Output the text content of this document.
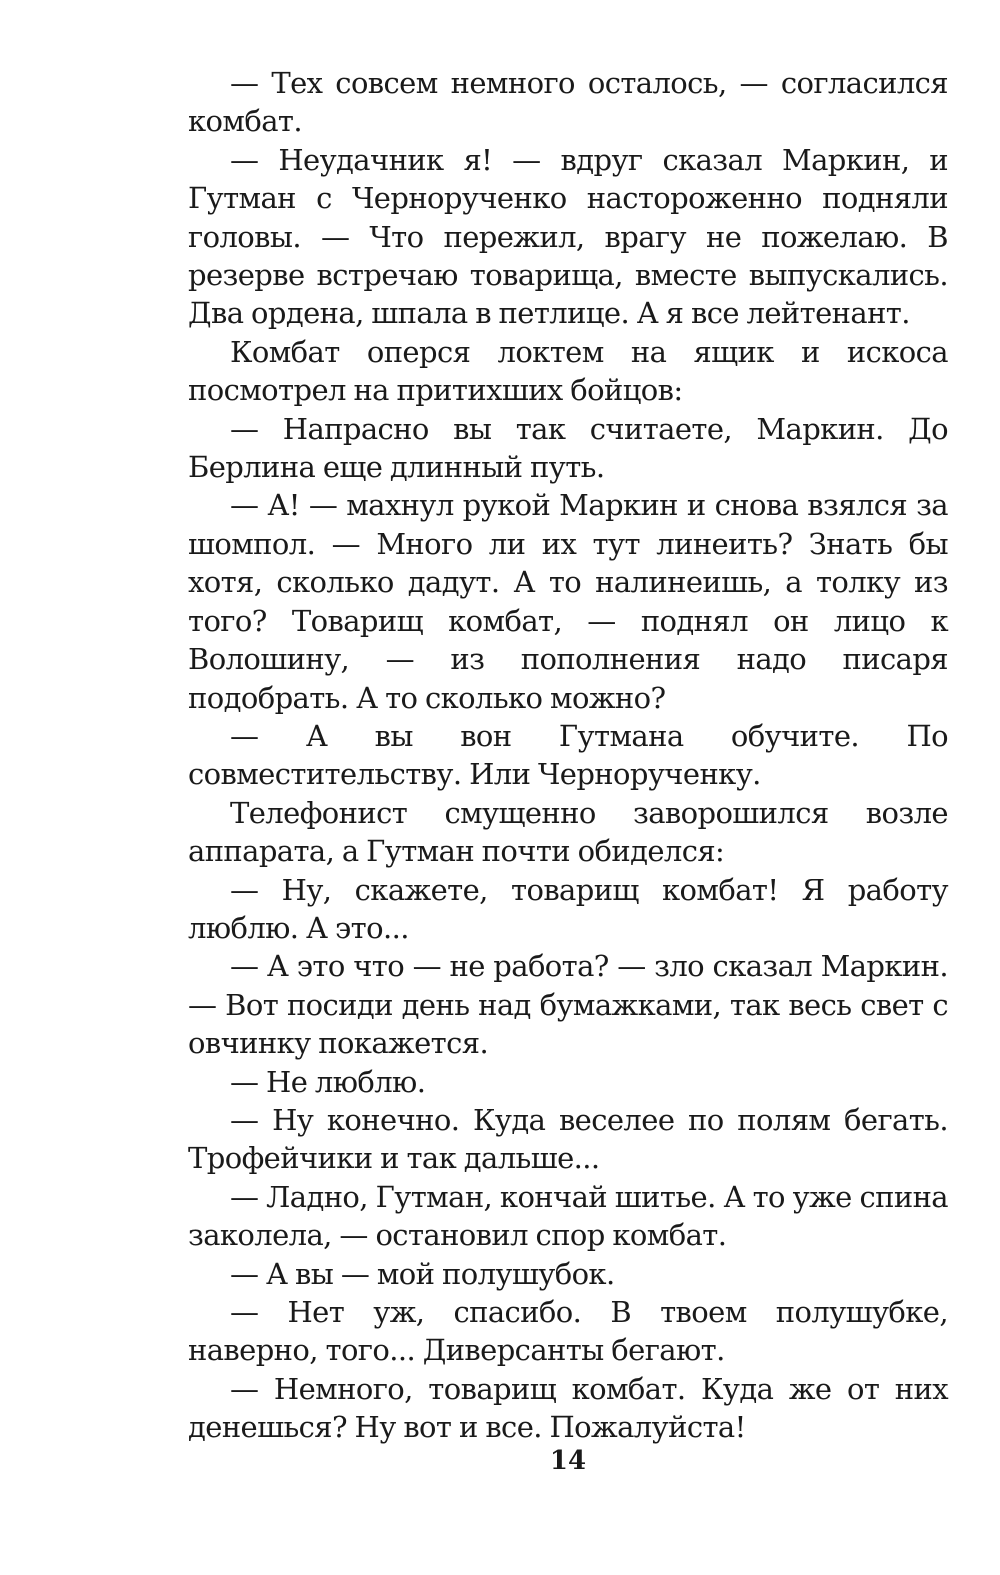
— Тех совсем немного осталось, — согласился комбат.

— Неудачник я! — вдруг сказал Маркин, и Гутман с Черноручeнко настороженно подняли головы. — Что пережил, врагу не пожелаю. В резерве встречаю товарища, вместе выпускались. Два ордена, шпала в петлице. А я все лейтенант.

Комбат оперся локтем на ящик и искоса посмотрел на притихших бойцов:

— Напрасно вы так считаете, Маркин. До Берлина еще длинный путь.

— А! — махнул рукой Маркин и снова взялся за шомпол. — Много ли их тут линеить? Знать бы хотя, сколько дадут. А то налинеишь, а толку из того? Товарищ комбат, — поднял он лицо к Волошину, — из пополнения надо писаря подобрать. А то сколько можно?

— А вы вон Гутмана обучите. По совместительству. Или Черноручeнку.

Телефонист смущенно заворошился возле аппарата, а Гутман почти обиделся:

— Ну, скажете, товарищ комбат! Я работу люблю. А это...

— А это что — не работа? — зло сказал Маркин. — Вот посиди день над бумажками, так весь свет с овчинку покажется.

— Не люблю.

— Ну конечно. Куда веселее по полям бегать. Трофейчики и так дальше...

— Ладно, Гутман, кончай шитье. А то уже спина заколела, — остановил спор комбат.

— А вы — мой полушубок.

— Нет уж, спасибо. В твоем полушубке, наверно, того... Диверсанты бегают.

— Немного, товарищ комбат. Куда же от них денешься? Ну вот и все. Пожалуйста!

14
